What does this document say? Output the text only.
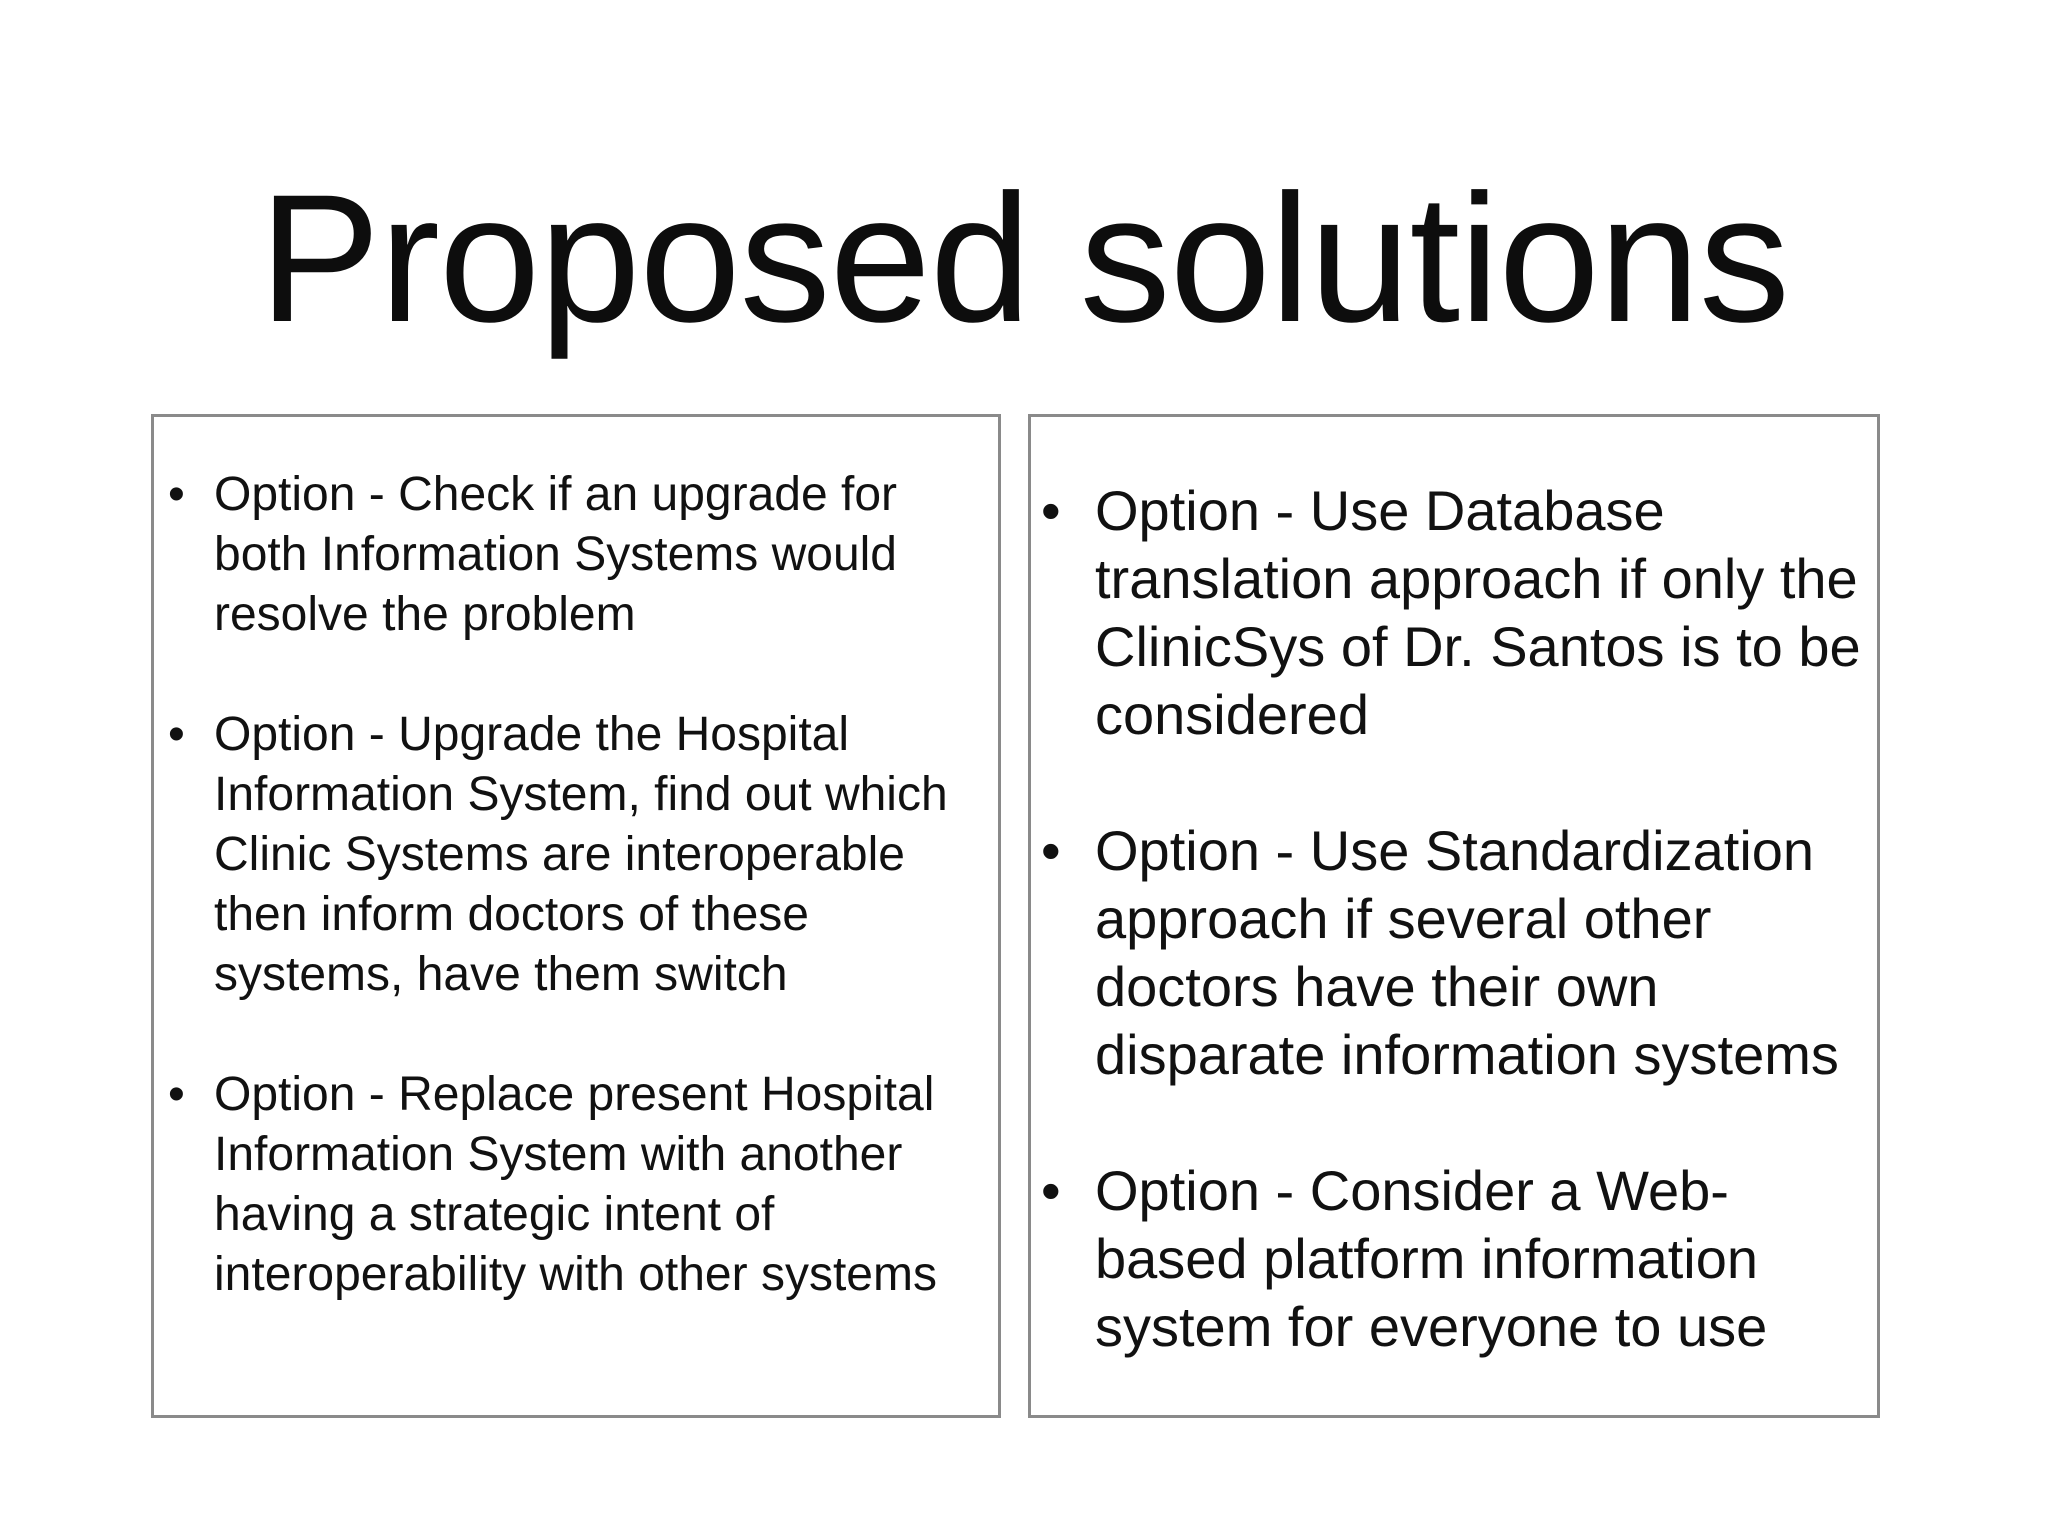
Proposed solutions
• Option - Check if an upgrade for both Information Systems would resolve the problem
• Option - Upgrade the Hospital Information System, find out which Clinic Systems are interoperable then inform doctors of these systems, have them switch
• Option - Replace present Hospital Information System with another having a strategic intent of interoperability with other systems
• Option - Use Database translation approach if only the ClinicSys of Dr. Santos is to be considered
• Option - Use Standardization approach if several other doctors have their own disparate information systems
• Option - Consider a Web-based platform information system for everyone to use
